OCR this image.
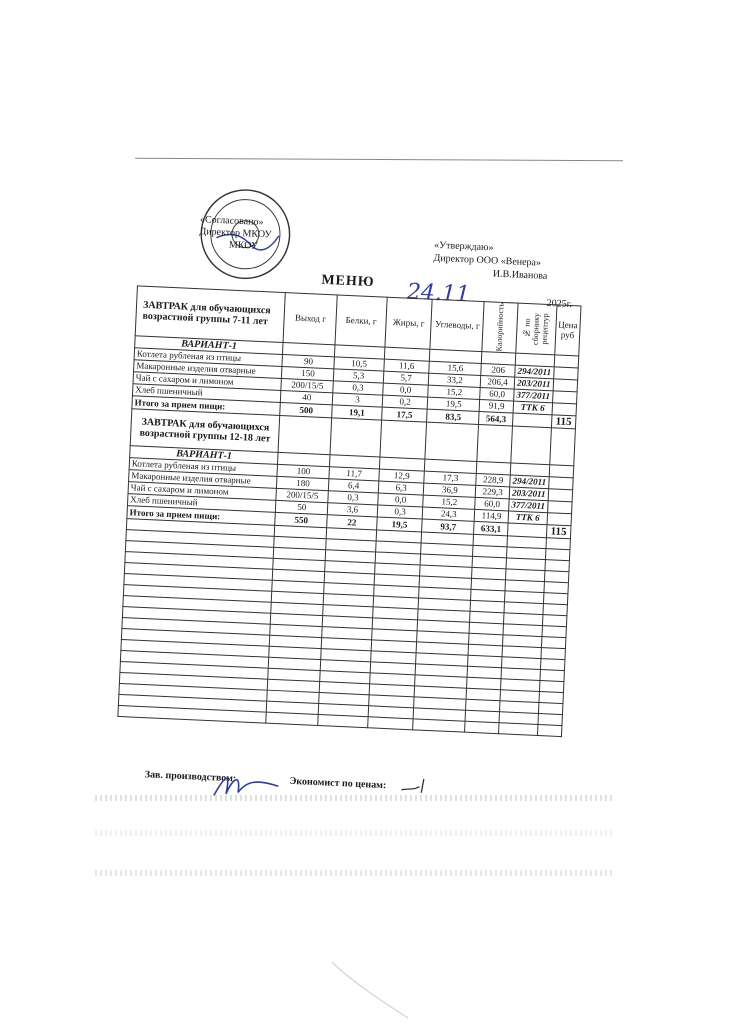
«Согласовано»
Директор МКОУ
МКОУ	«Утверждаю»
Директор ООО «Венера»
И.В.Иванова
МЕНЮ 24.11	2025г.
ЗАВТРАК для обучающихся возрастной группы 7-11 лет	Выход г	Белки, г	Жиры, г	Углеводы, г	Калорийность	№ по сборнику рецептур	Цена руб
ВАРИАНТ-1							
Котлета рубленая из птицы	90	10,5	11,6	15,6	206	294/2011	
Макаронные изделия отварные	150	5,3	5,7	33,2	206,4	203/2011	
Чай с сахаром и лимоном	200/15/5	0,3	0,0	15,2	60,0	377/2011	
Хлеб пшеничный	40	3	0,2	19,5	91,9	ТТК 6	
Итого за прием пищи:	500	19,1	17,5	83,5	564,3		115
ЗАВТРАК для обучающихся возрастной группы 12-18 лет							
ВАРИАНТ-1							
Котлета рубленая из птицы	100	11,7	12,9	17,3	228,9	294/2011	
Макаронные изделия отварные	180	6,4	6,3	36,9	229,3	203/2011	
Чай с сахаром и лимоном	200/15/5	0,3	0,0	15,2	60,0	377/2011	
Хлеб пшеничный	50	3,6	0,3	24,3	114,9	ТТК 6	
Итого за прием пищи:	550	22	19,5	93,7	633,1		115

Зав. производством:	Экономист по ценам:
